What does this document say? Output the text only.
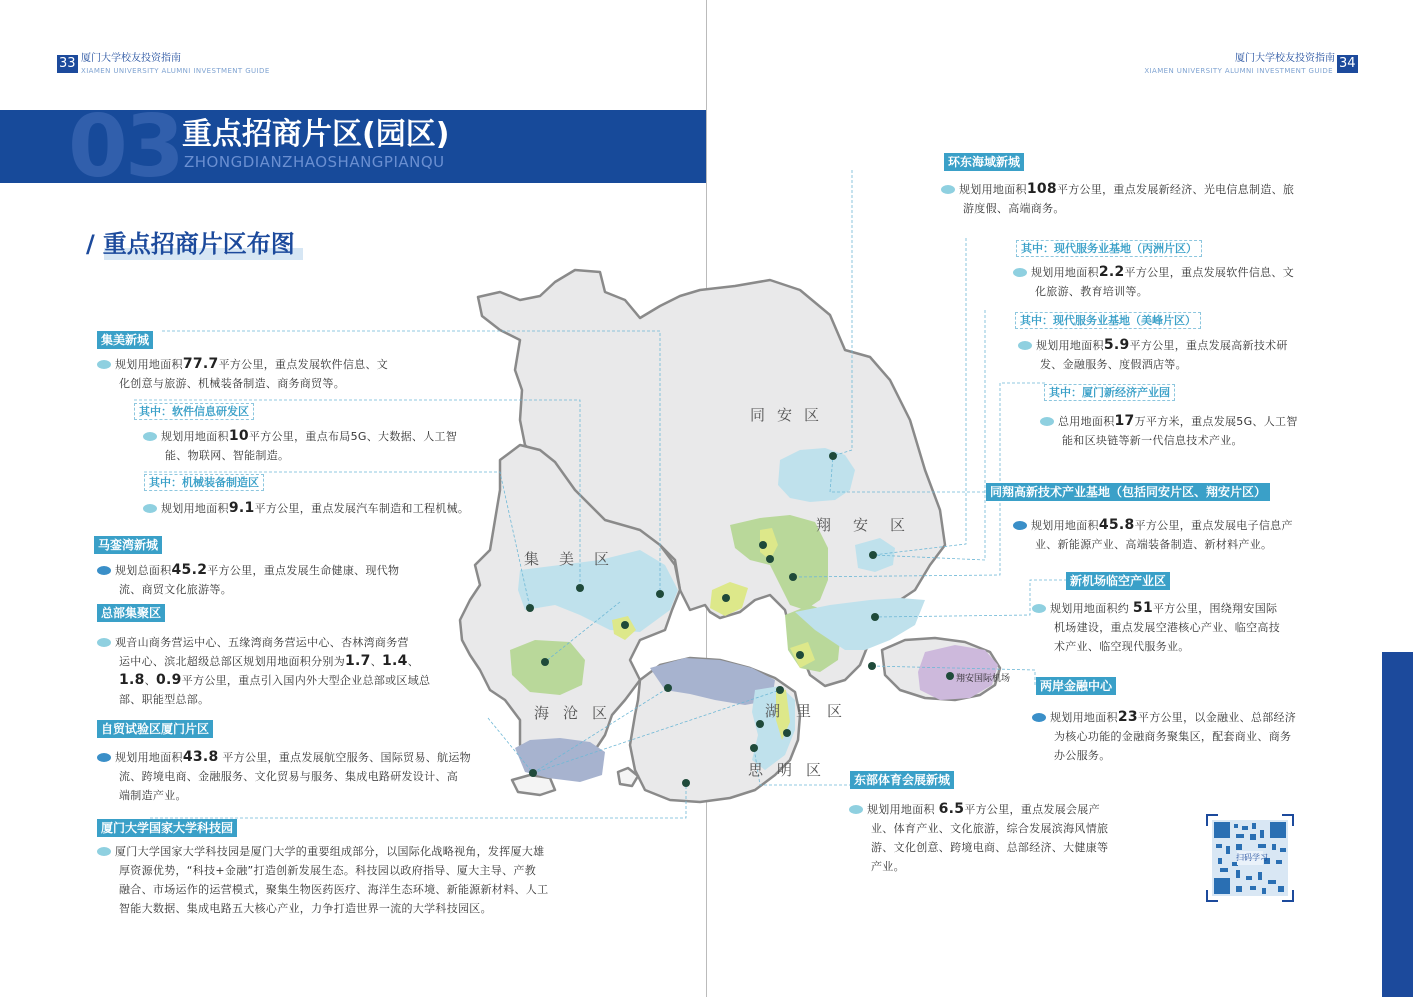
33 厦门大学校友投资指南
XIAMEN UNIVERSITY ALUMNI INVESTMENT GUIDE	34
厦门大学校友投资指南
XIAMEN UNIVERSITY ALUMNI INVESTMENT GUIDE
03 重点招商片区(园区)
ZHONGDIANZHAOSHANGPIANQU
/ 重点招商片区布图
同安区
翔安区
集美区
海沧区	湖里区
思明区
翔安国际机场
集美新城
规划用地面积77.7平方公里，重点发展软件信息、文
化创意与旅游、机械装备制造、商务商贸等。
其中：软件信息研发区
规划用地面积10平方公里，重点布局5G、大数据、人工智
能、物联网、智能制造。
其中：机械装备制造区
规划用地面积9.1平方公里，重点发展汽车制造和工程机械。
马銮湾新城
规划总面积45.2平方公里，重点发展生命健康、现代物
流、商贸文化旅游等。
总部集聚区
观音山商务营运中心、五缘湾商务营运中心、杏林湾商务营
运中心、滨北超级总部区规划用地面积分别为1.7、1.4、
1.8、0.9平方公里，重点引入国内外大型企业总部或区域总
部、职能型总部。
自贸试验区厦门片区
规划用地面积43.8 平方公里，重点发展航空服务、国际贸易、航运物
流、跨境电商、金融服务、文化贸易与服务、集成电路研发设计、高
端制造产业。
厦门大学国家大学科技园
厦门大学国家大学科技园是厦门大学的重要组成部分，以国际化战略视角，发挥厦大雄
厚资源优势，“科技+金融”打造创新发展生态。科技园以政府指导、厦大主导、产教
融合、市场运作的运营模式，聚集生物医药医疗、海洋生态环境、新能源新材料、人工
智能大数据、集成电路五大核心产业，力争打造世界一流的大学科技园区。
环东海域新城
规划用地面积108平方公里，重点发展新经济、光电信息制造、旅
游度假、高端商务。
其中：现代服务业基地（丙洲片区）
规划用地面积2.2平方公里，重点发展软件信息、文
化旅游、教育培训等。
其中：现代服务业基地（美峰片区）
规划用地面积5.9平方公里，重点发展高新技术研
发、金融服务、度假酒店等。
其中：厦门新经济产业园
总用地面积17万平方米，重点发展5G、人工智
能和区块链等新一代信息技术产业。
同翔高新技术产业基地（包括同安片区、翔安片区）
规划用地面积45.8平方公里，重点发展电子信息产
业、新能源产业、高端装备制造、新材料产业。
新机场临空产业区
规划用地面积约 51平方公里，围绕翔安国际
机场建设，重点发展空港核心产业、临空高技
术产业、临空现代服务业。
两岸金融中心
规划用地面积23平方公里，以金融业、总部经济
为核心功能的金融商务聚集区，配套商业、商务
办公服务。
东部体育会展新城
规划用地面积 6.5平方公里，重点发展会展产
业、体育产业、文化旅游，综合发展滨海风情旅
游、文化创意、跨境电商、总部经济、大健康等
产业。
扫码学习
